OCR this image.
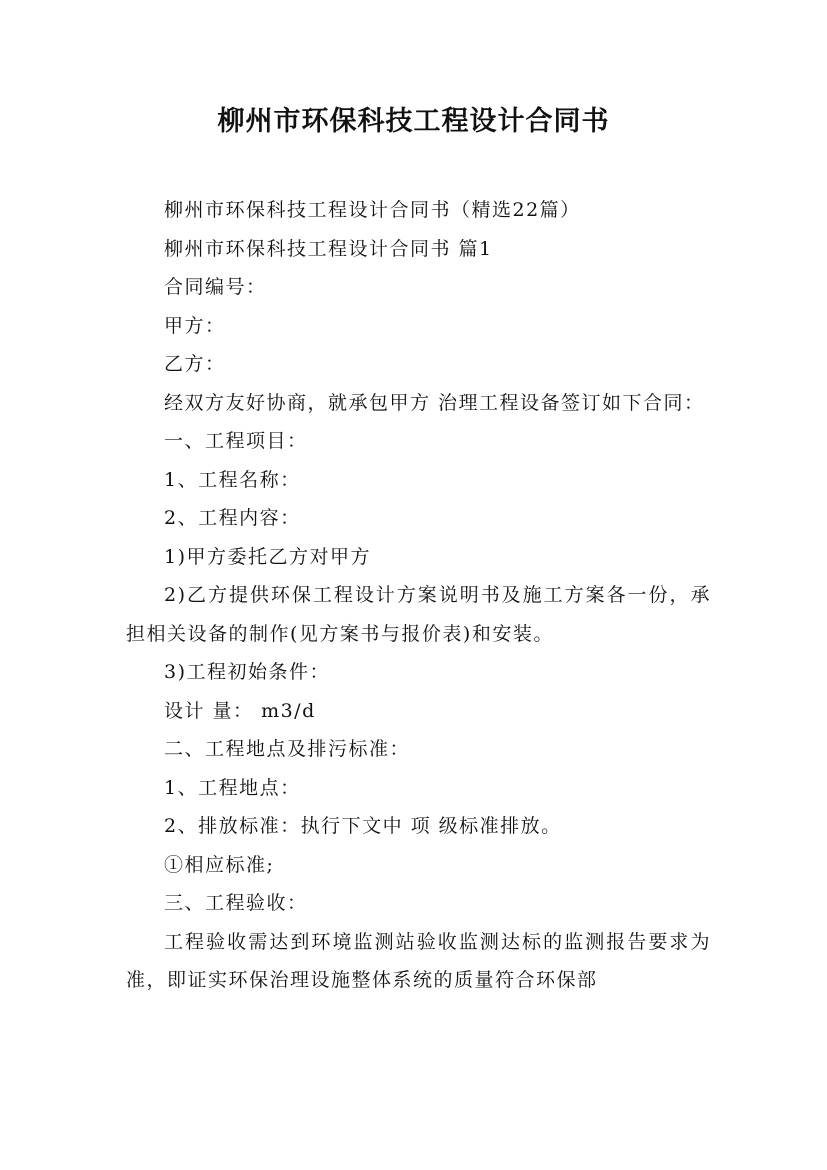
柳州市环保科技工程设计合同书

柳州市环保科技工程设计合同书（精选22篇）

柳州市环保科技工程设计合同书 篇1

合同编号：

甲方：

乙方：

经双方友好协商，就承包甲方 治理工程设备签订如下合同：

一、工程项目：

1、工程名称：

2、工程内容：

1)甲方委托乙方对甲方

2)乙方提供环保工程设计方案说明书及施工方案各一份，承担相关设备的制作(见方案书与报价表)和安装。

3)工程初始条件：

设计 量： m3/d

二、工程地点及排污标准：

1、工程地点：

2、排放标准：执行下文中 项 级标准排放。

①相应标准;

三、工程验收：

工程验收需达到环境监测站验收监测达标的监测报告要求为准，即证实环保治理设施整体系统的质量符合环保部
